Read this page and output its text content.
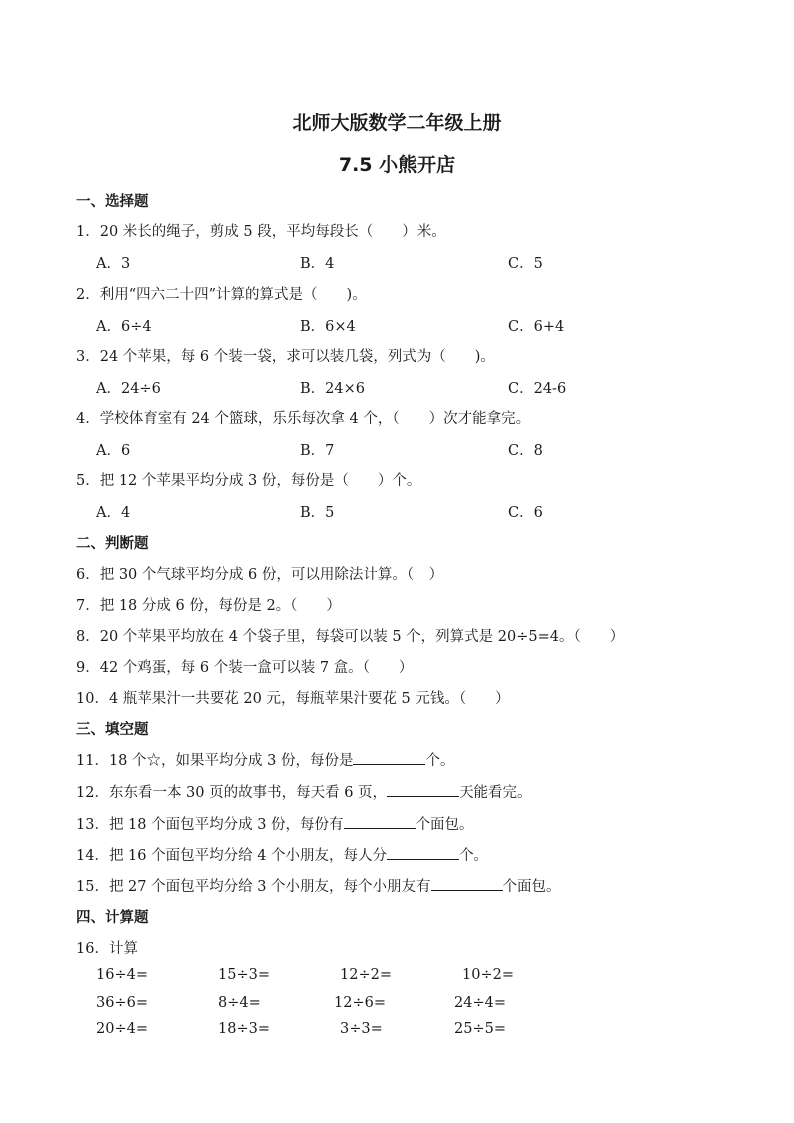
北师大版数学二年级上册
7.5 小熊开店
一、选择题
1．20 米长的绳子，剪成 5 段，平均每段长（　　）米。
A．3	B．4	C．5
2．利用“四六二十四”计算的算式是（　　)。
A．6÷4	B．6×4	C．6+4
3．24 个苹果，每 6 个装一袋，求可以装几袋，列式为（　　)。
A．24÷6	B．24×6	C．24-6
4．学校体育室有 24 个篮球，乐乐每次拿 4 个，（　　）次才能拿完。
A．6	B．7	C．8
5．把 12 个苹果平均分成 3 份，每份是（　　）个。
A．4	B．5	C．6
二、判断题
6．把 30 个气球平均分成 6 份，可以用除法计算。（　）
7．把 18 分成 6 份，每份是 2。（　　）
8．20 个苹果平均放在 4 个袋子里，每袋可以装 5 个，列算式是 20÷5=4。（　　）
9．42 个鸡蛋，每 6 个装一盒可以装 7 盒。（　　）
10．4 瓶苹果汁一共要花 20 元，每瓶苹果汁要花 5 元钱。（　　）
三、填空题
11．18 个☆，如果平均分成 3 份，每份是	个。
12．东东看一本 30 页的故事书，每天看 6 页，	天能看完。
13．把 18 个面包平均分成 3 份，每份有	个面包。
14．把 16 个面包平均分给 4 个小朋友，每人分	个。
15．把 27 个面包平均分给 3 个小朋友，每个小朋友有	个面包。
四、计算题
16．计算
16÷4=	15÷3=	12÷2=	10÷2=
36÷6=	8÷4=	12÷6=	24÷4=
20÷4=	18÷3=	3÷3=	25÷5=
